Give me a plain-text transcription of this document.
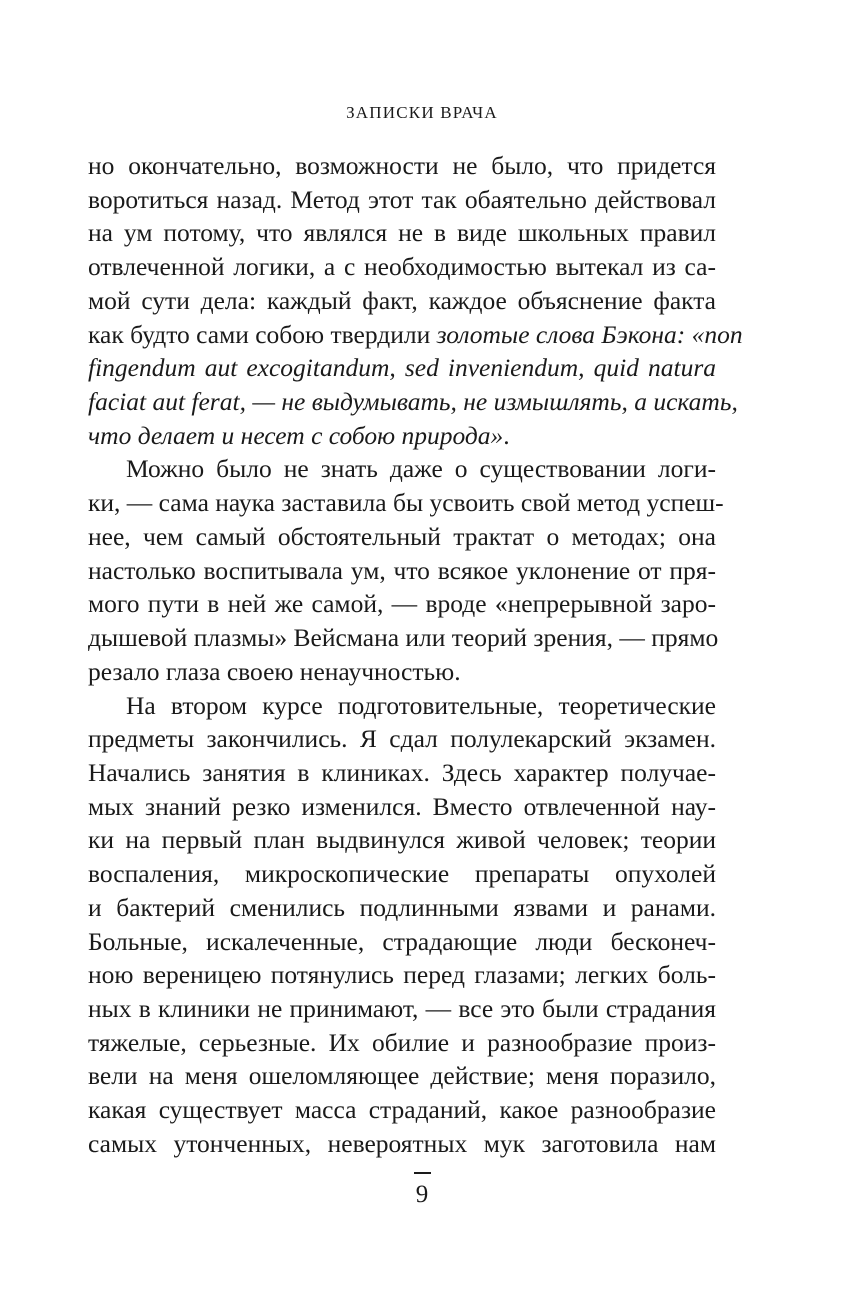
ЗАПИСКИ ВРАЧА
но окончательно, возможности не было, что придется
воротиться назад. Метод этот так обаятельно действовал
на ум потому, что являлся не в виде школьных правил
отвлеченной логики, а с необходимостью вытекал из са-
мой сути дела: каждый факт, каждое объяснение факта
как будто сами собою твердили золотые слова Бэкона: «non
fingendum aut excogitandum, sed inveniendum, quid natura
faciat aut ferat, — не выдумывать, не измышлять, а искать,
что делает и несет с собою природа».
Можно было не знать даже о существовании логи-
ки, — сама наука заставила бы усвоить свой метод успеш-
нее, чем самый обстоятельный трактат о методах; она
настолько воспитывала ум, что всякое уклонение от пря-
мого пути в ней же самой, — вроде «непрерывной заро-
дышевой плазмы» Вейсмана или теорий зрения, — прямо
резало глаза своею ненаучностью.
На втором курсе подготовительные, теоретические
предметы закончились. Я сдал полулекарский экзамен.
Начались занятия в клиниках. Здесь характер получае-
мых знаний резко изменился. Вместо отвлеченной нау-
ки на первый план выдвинулся живой человек; теории
воспаления, микроскопические препараты опухолей
и бактерий сменились подлинными язвами и ранами.
Больные, искалеченные, страдающие люди бесконеч-
ною вереницею потянулись перед глазами; легких боль-
ных в клиники не принимают, — все это были страдания
тяжелые, серьезные. Их обилие и разнообразие произ-
вели на меня ошеломляющее действие; меня поразило,
какая существует масса страданий, какое разнообразие
самых утонченных, невероятных мук заготовила нам
9
